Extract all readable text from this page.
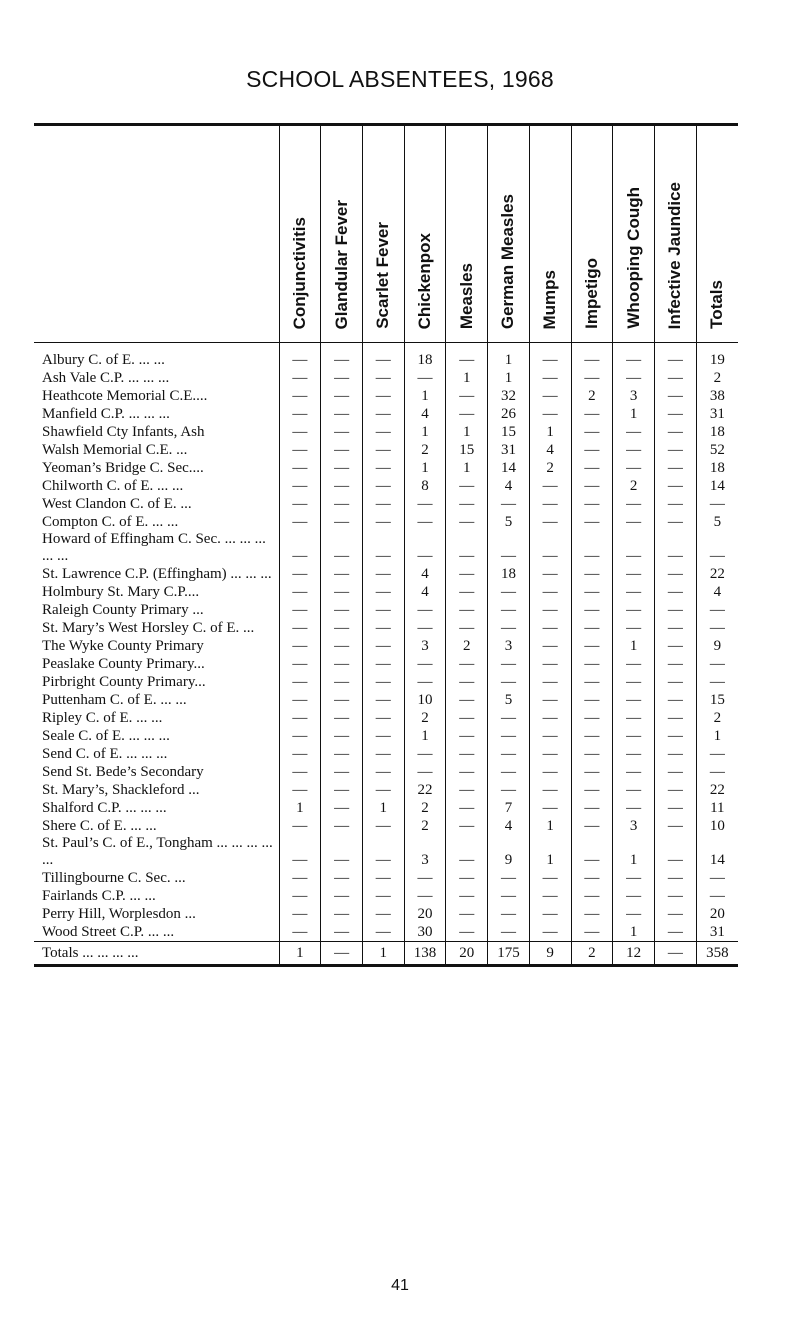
SCHOOL ABSENTEES, 1968
	Conjunctivitis	Glandular Fever	Scarlet Fever	Chickenpox	Measles	German Measles	Mumps	Impetigo	Whooping Cough	Infective Jaundice	Totals
Albury C. of E. ... ...	—	—	—	18	—	1	—	—	—	—	19
Ash Vale C.P. ... ... ...	—	—	—	—	1	1	—	—	—	—	2
Heathcote Memorial C.E....	—	—	—	1	—	32	—	2	3	—	38
Manfield C.P. ... ... ...	—	—	—	4	—	26	—	—	1	—	31
Shawfield Cty Infants, Ash	—	—	—	1	1	15	1	—	—	—	18
Walsh Memorial C.E. ...	—	—	—	2	15	31	4	—	—	—	52
Yeoman’s Bridge C. Sec....	—	—	—	1	1	14	2	—	—	—	18
Chilworth C. of E. ... ...	—	—	—	8	—	4	—	—	2	—	14
West Clandon C. of E. ...	—	—	—	—	—	—	—	—	—	—	—
Compton C. of E. ... ...	—	—	—	—	—	5	—	—	—	—	5
Howard of Effingham C. Sec. ... ... ... ... ...	—	—	—	—	—	—	—	—	—	—	—
St. Lawrence C.P. (Effingham) ... ... ...	—	—	—	4	—	18	—	—	—	—	22
Holmbury St. Mary C.P....	—	—	—	4	—	—	—	—	—	—	4
Raleigh County Primary ...	—	—	—	—	—	—	—	—	—	—	—
St. Mary’s West Horsley C. of E. ...	—	—	—	—	—	—	—	—	—	—	—
The Wyke County Primary	—	—	—	3	2	3	—	—	1	—	9
Peaslake County Primary...	—	—	—	—	—	—	—	—	—	—	—
Pirbright County Primary...	—	—	—	—	—	—	—	—	—	—	—
Puttenham C. of E. ... ...	—	—	—	10	—	5	—	—	—	—	15
Ripley C. of E. ... ...	—	—	—	2	—	—	—	—	—	—	2
Seale C. of E. ... ... ...	—	—	—	1	—	—	—	—	—	—	1
Send C. of E. ... ... ...	—	—	—	—	—	—	—	—	—	—	—
Send St. Bede’s Secondary	—	—	—	—	—	—	—	—	—	—	—
St. Mary’s, Shackleford ...	—	—	—	22	—	—	—	—	—	—	22
Shalford C.P. ... ... ...	1	—	1	2	—	7	—	—	—	—	11
Shere C. of E. ... ...	—	—	—	2	—	4	1	—	3	—	10
St. Paul’s C. of E., Tongham ... ... ... ... ...	—	—	—	3	—	9	1	—	1	—	14
Tillingbourne C. Sec. ...	—	—	—	—	—	—	—	—	—	—	—
Fairlands C.P. ... ...	—	—	—	—	—	—	—	—	—	—	—
Perry Hill, Worplesdon ...	—	—	—	20	—	—	—	—	—	—	20
Wood Street C.P. ... ...	—	—	—	30	—	—	—	—	1	—	31
Totals ... ... ... ...	1	—	1	138	20	175	9	2	12	—	358
41
